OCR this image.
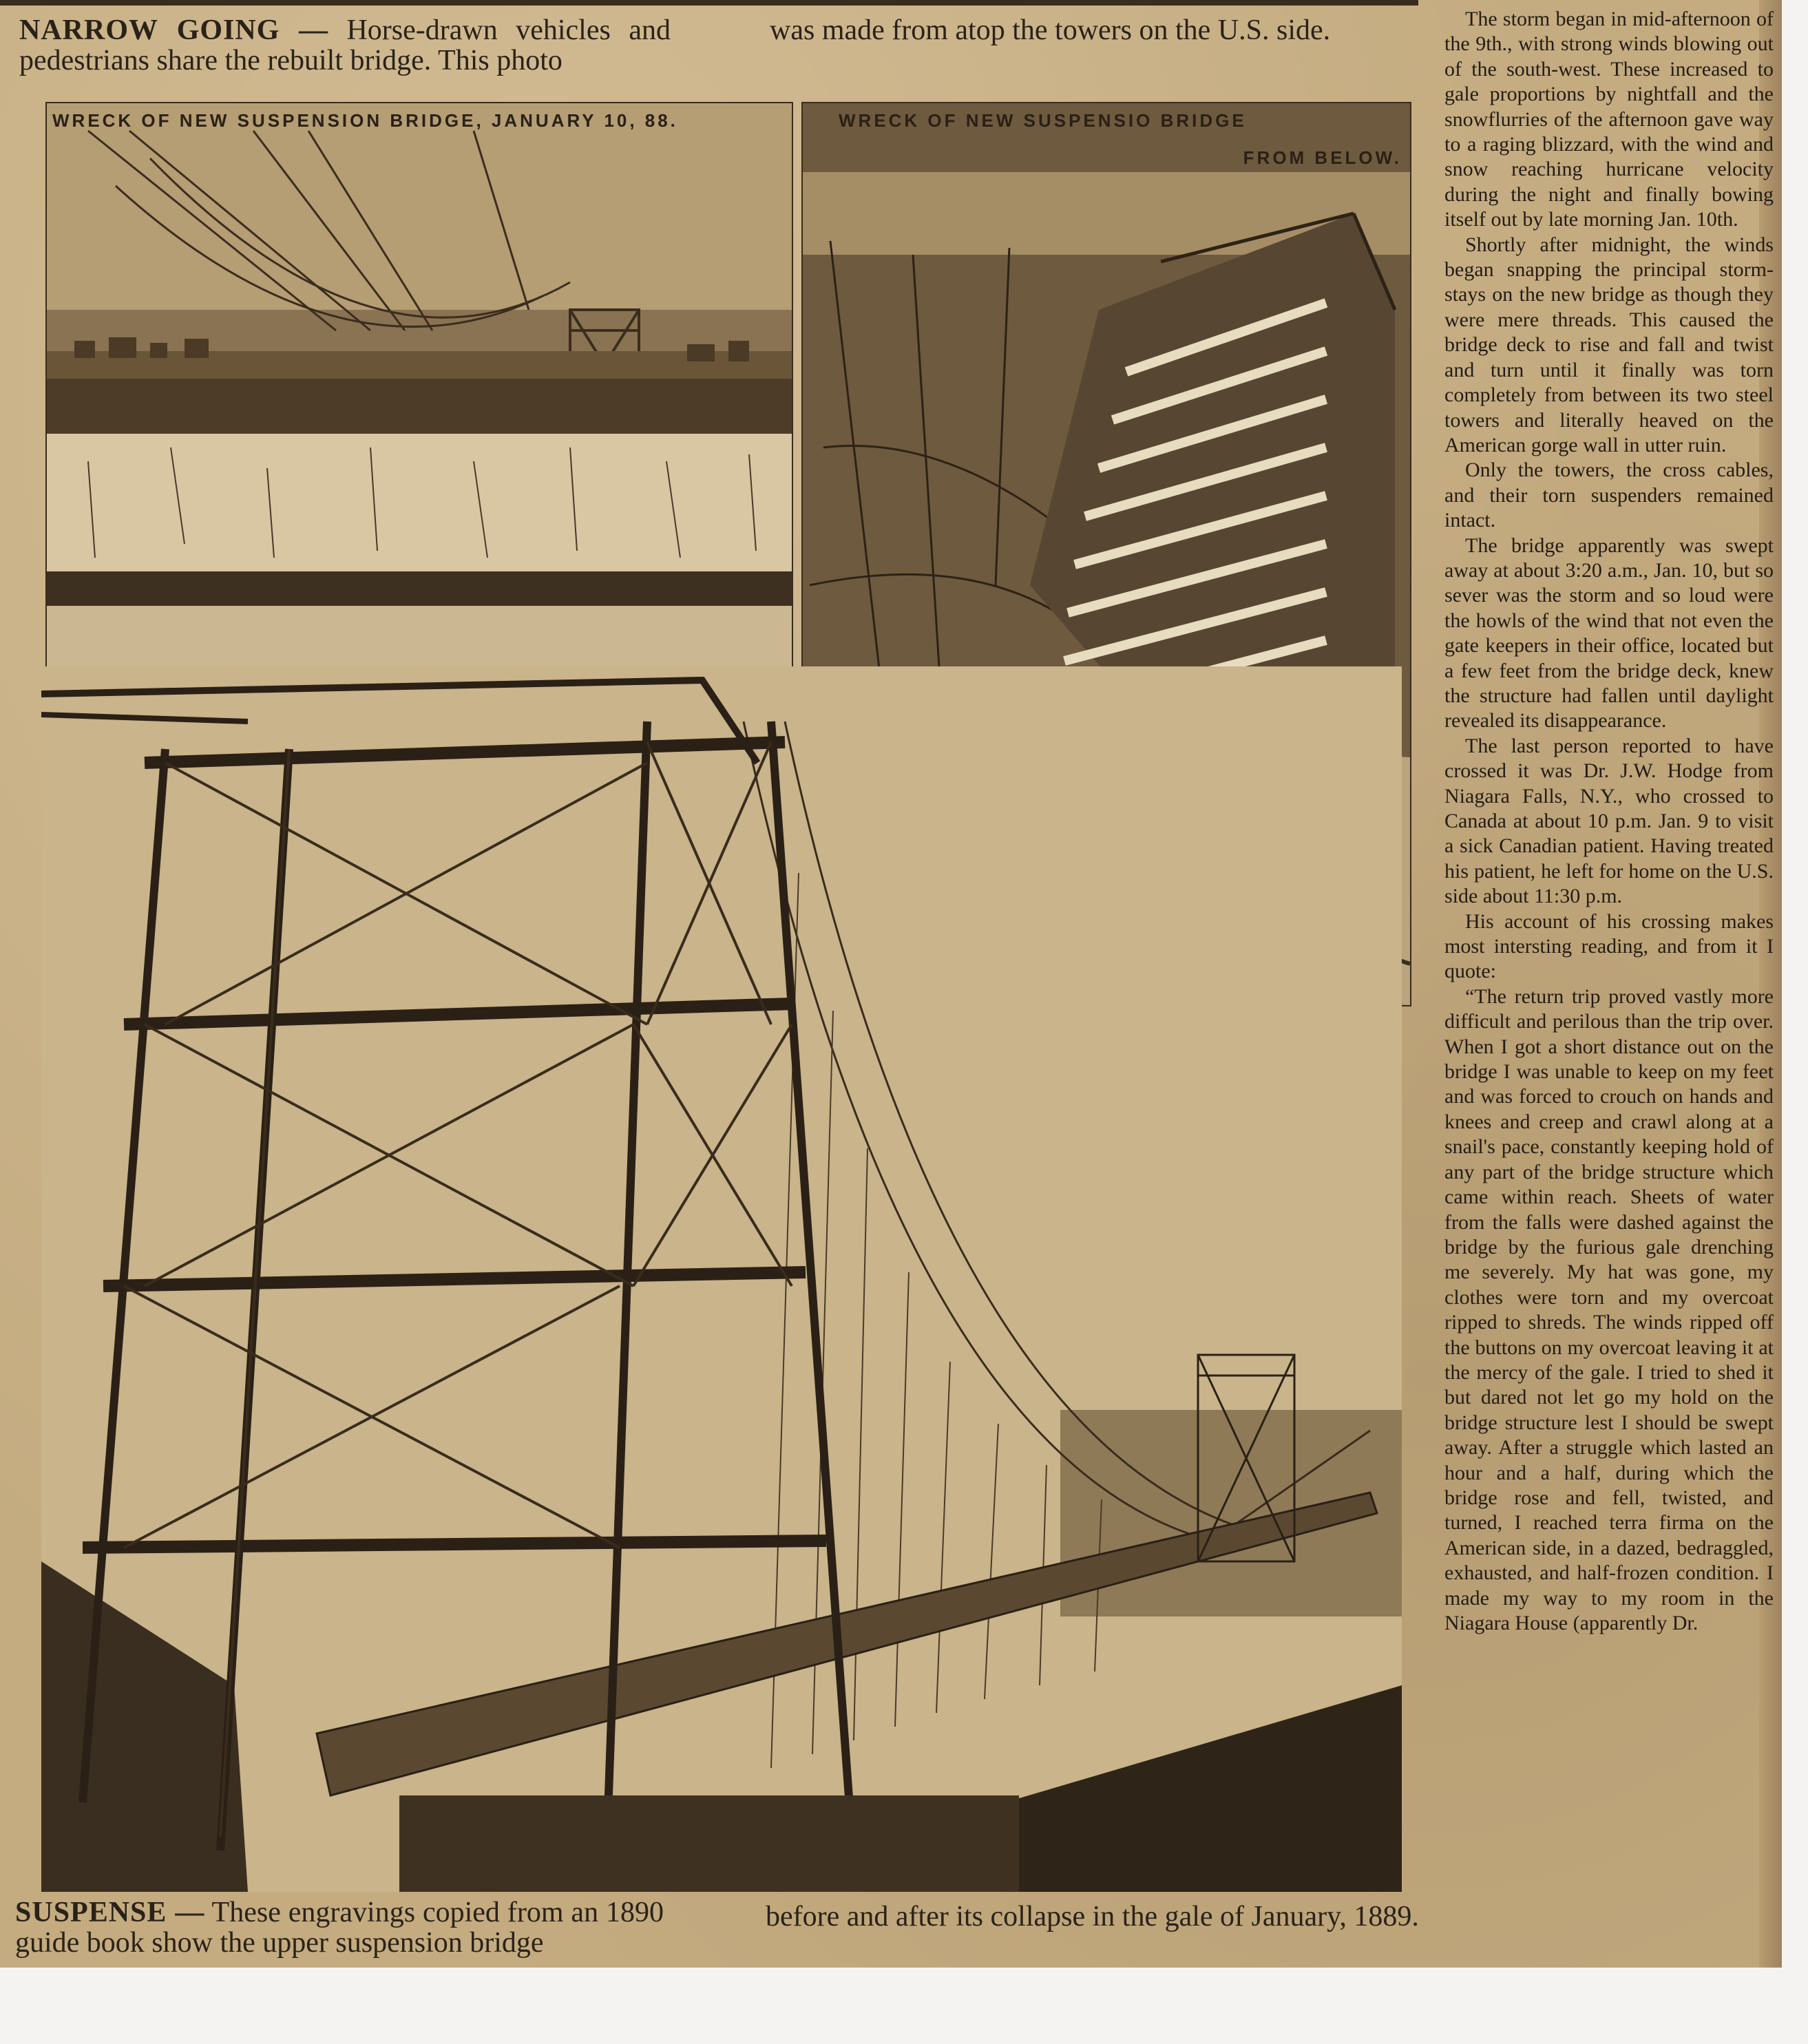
NARROW GOING — Horse-drawn vehicles and pedestrians share the rebuilt bridge. This photo

was made from atop the towers on the U.S. side.

WRECK OF NEW SUSPENSION BRIDGE, JANUARY 10, 88.	WRECK OF NEW SUSPENSIO BRIDGE
FROM BELOW.

SUSPENSE — These engravings copied from an 1890 guide book show the upper suspension bridge

before and after its collapse in the gale of January, 1889.

The storm began in mid-afternoon of the 9th., with strong winds blowing out of the south-west. These increased to gale proportions by nightfall and the snowflurries of the afternoon gave way to a raging blizzard, with the wind and snow reaching hurricane velocity during the night and finally bowing itself out by late morning Jan. 10th.

Shortly after midnight, the winds began snapping the principal storm-stays on the new bridge as though they were mere threads. This caused the bridge deck to rise and fall and twist and turn until it finally was torn completely from between its two steel towers and literally heaved on the American gorge wall in utter ruin.

Only the towers, the cross cables, and their torn suspenders remained intact.

The bridge apparently was swept away at about 3:20 a.m., Jan. 10, but so sever was the storm and so loud were the howls of the wind that not even the gate keepers in their office, located but a few feet from the bridge deck, knew the structure had fallen until daylight revealed its disappearance.

The last person reported to have crossed it was Dr. J.W. Hodge from Niagara Falls, N.Y., who crossed to Canada at about 10 p.m. Jan. 9 to visit a sick Canadian patient. Having treated his patient, he left for home on the U.S. side about 11:30 p.m.

His account of his crossing makes most intersting reading, and from it I quote:

“The return trip proved vastly more difficult and perilous than the trip over. When I got a short distance out on the bridge I was unable to keep on my feet and was forced to crouch on hands and knees and creep and crawl along at a snail's pace, constantly keeping hold of any part of the bridge structure which came within reach. Sheets of water from the falls were dashed against the bridge by the furious gale drenching me severely. My hat was gone, my clothes were torn and my overcoat ripped to shreds. The winds ripped off the buttons on my overcoat leaving it at the mercy of the gale. I tried to shed it but dared not let go my hold on the bridge structure lest I should be swept away. After a struggle which lasted an hour and a half, during which the bridge rose and fell, twisted, and turned, I reached terra firma on the American side, in a dazed, bedraggled, exhausted, and half-frozen condition. I made my way to my room in the Niagara House (apparently Dr.
